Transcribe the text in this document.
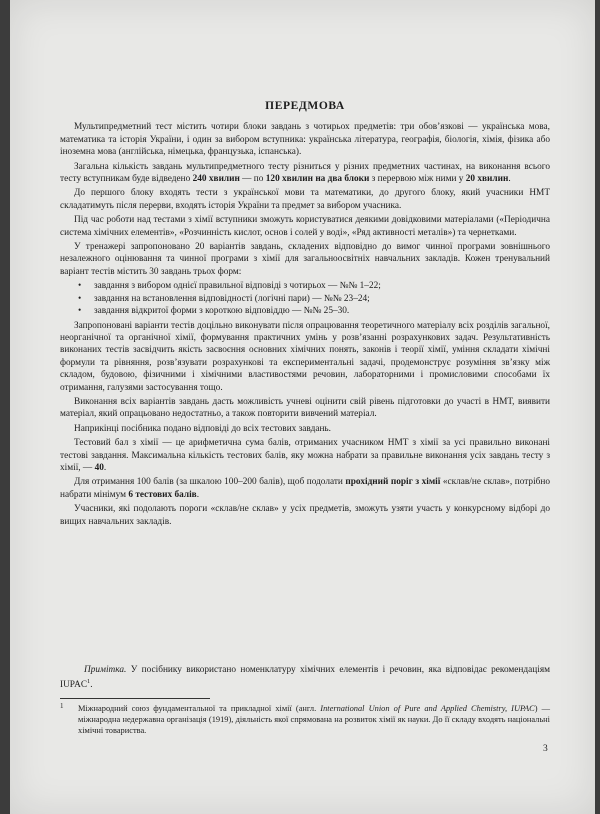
ПЕРЕДМОВА

Мультипредметний тест містить чотири блоки завдань з чотирьох предметів: три обов’язкові — українська мова, математика та історія України, і один за вибором вступника: українська література, географія, біологія, хімія, фізика або іноземна мова (англійська, німецька, французька, іспанська).

Загальна кількість завдань мультипредметного тесту різниться у різних предметних частинах, на виконання всього тесту вступникам буде відведено 240 хвилин — по 120 хвилин на два блоки з перервою між ними у 20 хвилин.

До першого блоку входять тести з української мови та математики, до другого блоку, який учасники НМТ складатимуть після перерви, входять історія України та предмет за вибором учасника.

Під час роботи над тестами з хімії вступники зможуть користуватися деякими довідковими матеріалами («Періодична система хімічних елементів», «Розчинність кислот, основ і солей у воді», «Ряд активності металів») та чернетками.

У тренажері запропоновано 20 варіантів завдань, складених відповідно до вимог чинної програми зовнішнього незалежного оцінювання та чинної програми з хімії для загальноосвітніх навчальних закладів. Кожен тренувальний варіант тестів містить 30 завдань трьох форм:

• завдання з вибором однієї правильної відповіді з чотирьох — №№ 1–22;
• завдання на встановлення відповідності (логічні пари) — №№ 23–24;
• завдання відкритої форми з короткою відповіддю — №№ 25–30.

Запропоновані варіанти тестів доцільно виконувати після опрацювання теоретичного матеріалу всіх розділів загальної, неорганічної та органічної хімії, формування практичних умінь у розв’язанні розрахункових задач. Результативність виконаних тестів засвідчить якість засвоєння основних хімічних понять, законів і теорії хімії, уміння складати хімічні формули та рівняння, розв’язувати розрахункові та експериментальні задачі, продемонструє розуміння зв’язку між складом, будовою, фізичними і хімічними властивостями речовин, лабораторними і промисловими способами їх отримання, галузями застосування тощо.

Виконання всіх варіантів завдань дасть можливість учневі оцінити свій рівень підготовки до участі в НМТ, виявити матеріал, який опрацьовано недостатньо, а також повторити вивчений матеріал.

Наприкінці посібника подано відповіді до всіх тестових завдань.

Тестовий бал з хімії — це арифметична сума балів, отриманих учасником НМТ з хімії за усі правильно виконані тестові завдання. Максимальна кількість тестових балів, яку можна набрати за правильне виконання усіх завдань тесту з хімії, — 40.

Для отримання 100 балів (за шкалою 100–200 балів), щоб подолати прохідний поріг з хімії «склав/не склав», потрібно набрати мінімум 6 тестових балів.

Учасники, які подолають пороги «склав/не склав» у усіх предметів, зможуть узяти участь у конкурсному відборі до вищих навчальних закладів.

Примітка. У посібнику використано номенклатуру хімічних елементів і речовин, яка відповідає рекомендаціям IUPAC$^1$.

1 Міжнародний союз фундаментальної та прикладної хімії (англ. International Union of Pure and Applied Chemistry, IUPAC) — міжнародна недержавна організація (1919), діяльність якої спрямована на розвиток хімії як науки. До її складу входять національні хімічні товариства.
3
